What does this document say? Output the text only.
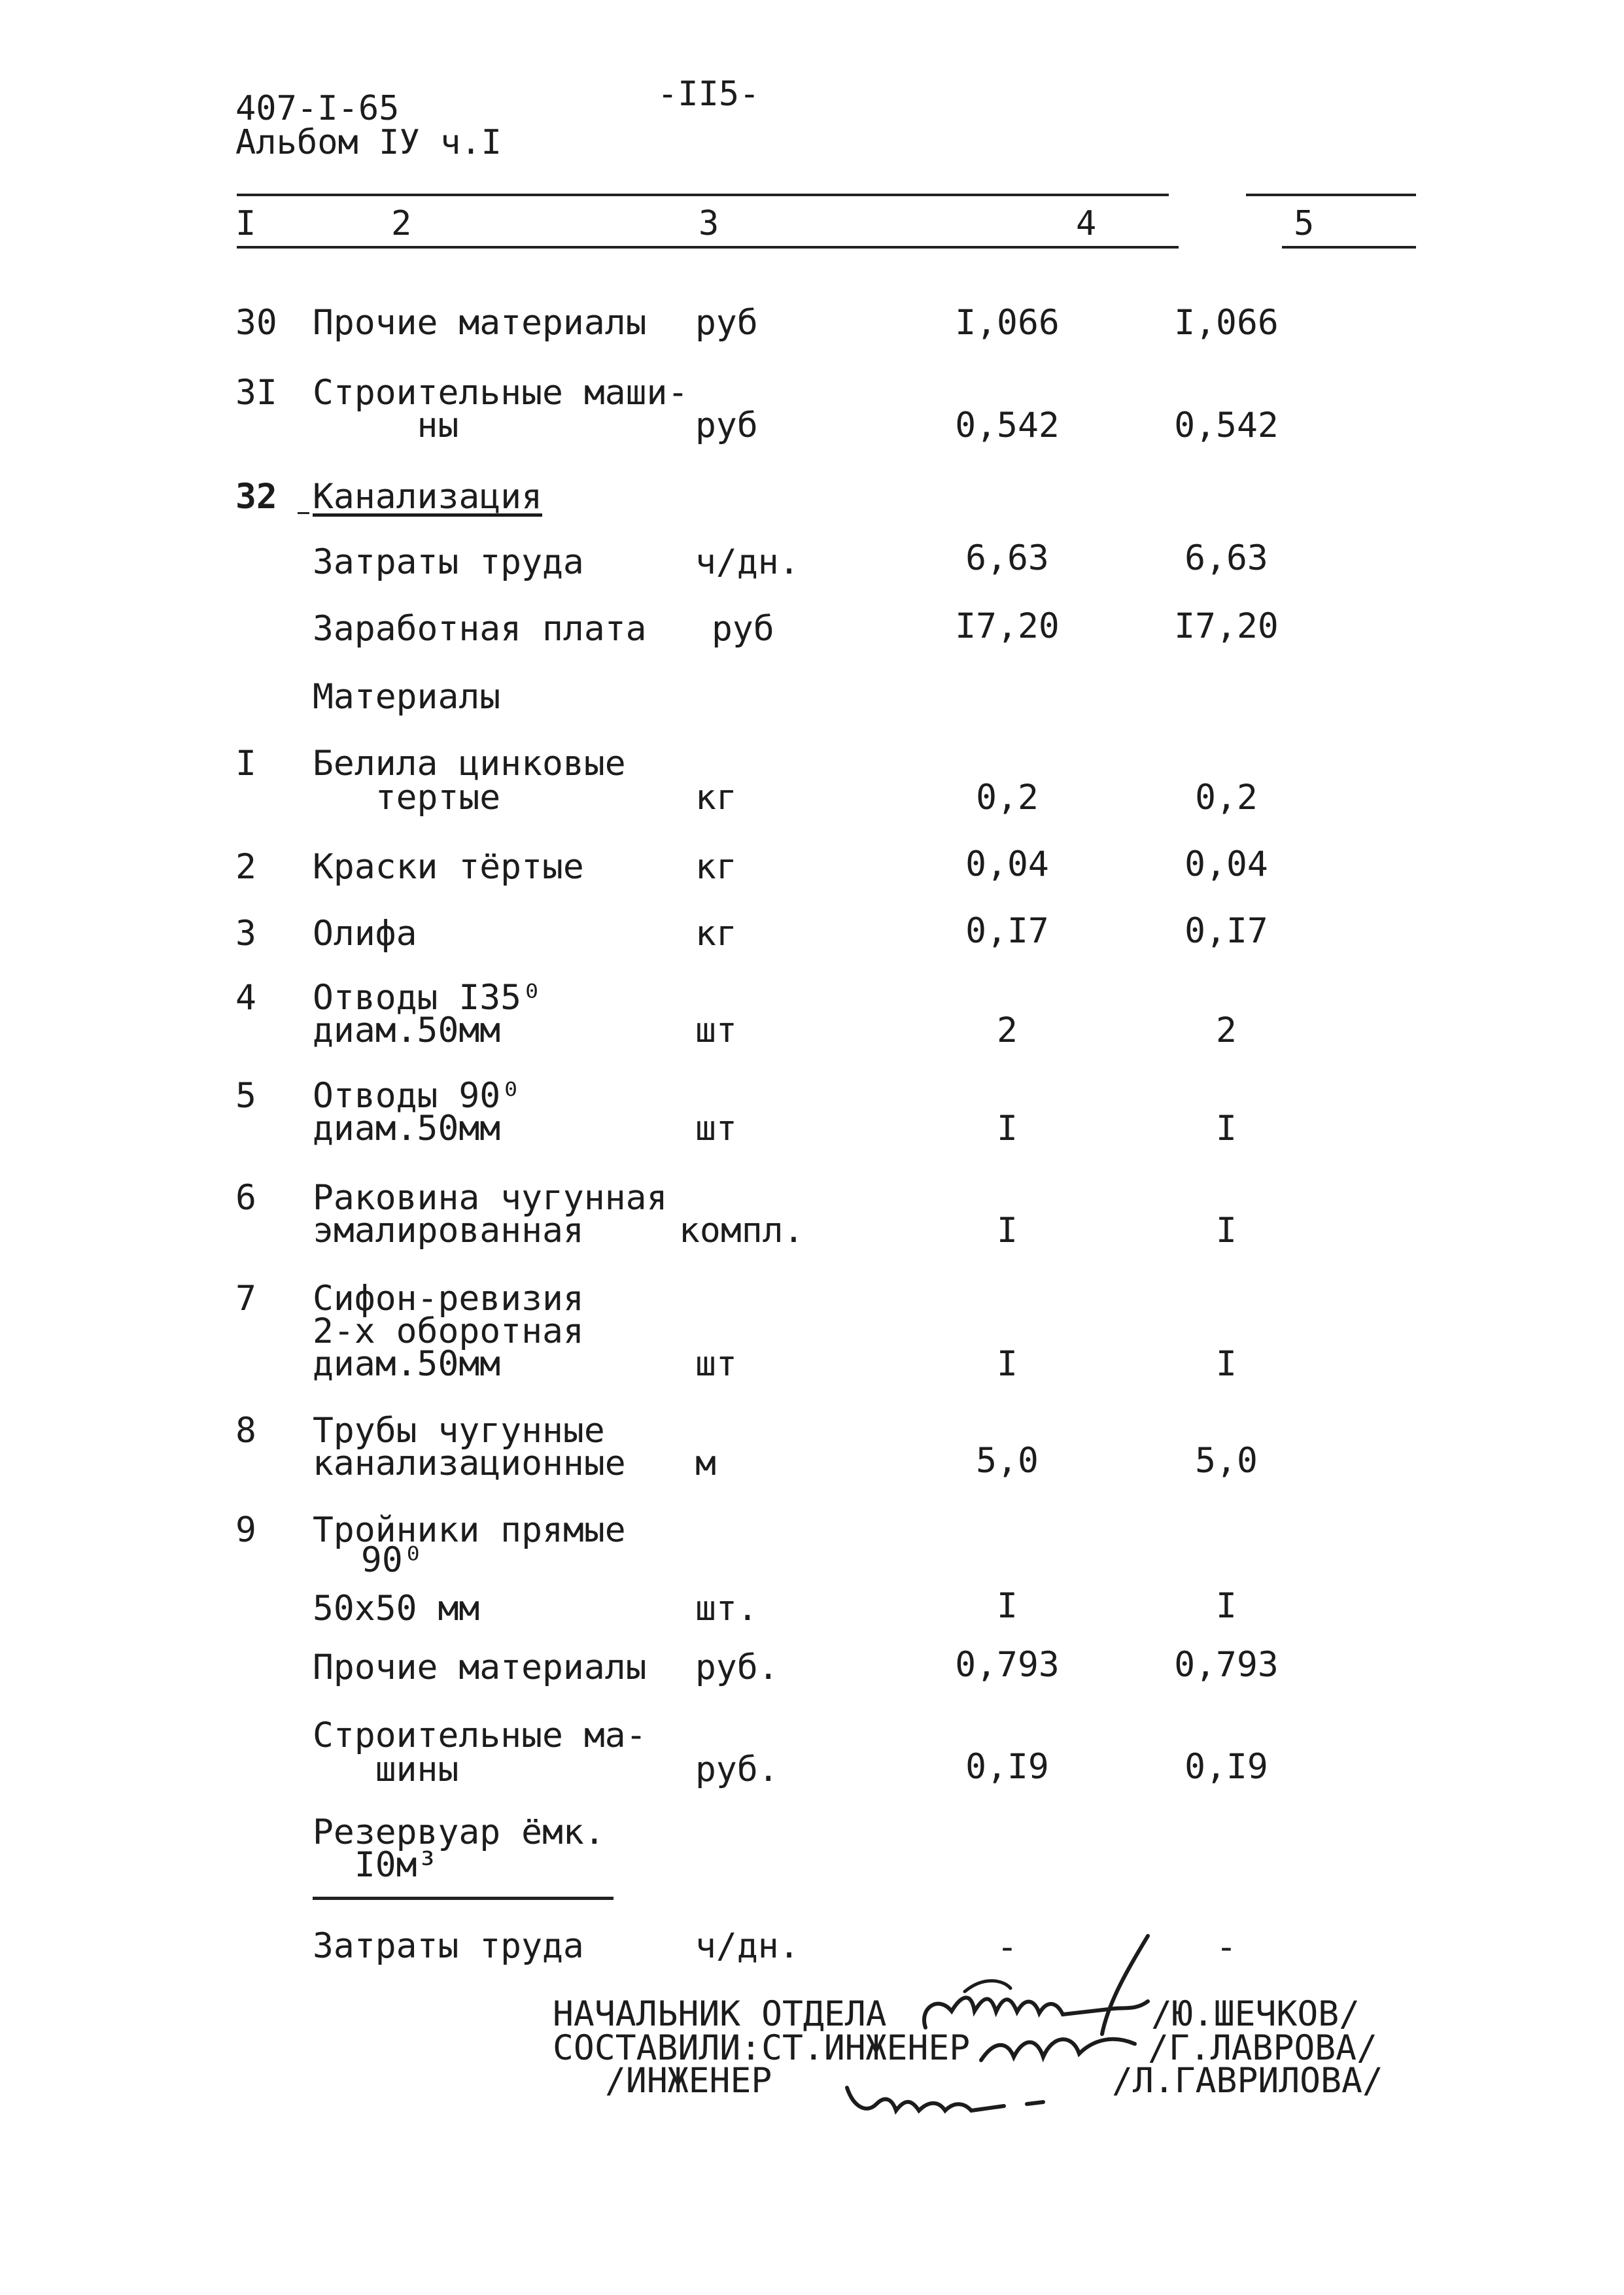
407-I-65
Альбом IУ ч.I
-II5-
I	2	3	4	5
30	Прочие материалы руб	I,066	I,066
3I	Строительные маши-
ны	руб	0,542	0,542
32	Канализация
Затраты труда	ч/дн.	6,63	6,63
Заработная плата руб	I7,20	I7,20
Материалы
I	Белила цинковые
тертые	кг	0,2	0,2
2	Краски тёртые	кг	0,04	0,04
3	Олифа	кг	0,I7	0,I7
4	Отводы I35⁰
диам.50мм	шт	2	2
5	Отводы 90⁰
диам.50мм	шт	I	I
6	Раковина чугунная
эмалированная	компл.	I	I
7	Сифон-ревизия
2-х оборотная
диам.50мм	шт	I	I
8	Трубы чугунные
канализационные м	5,0	5,0
9	Тройники прямые
90⁰
50х50 мм	шт.	I	I
Прочие материалы руб.	0,793	0,793
Строительные ма-
шины	руб.	0,I9	0,I9
Резервуар ёмк.
I0м³
Затраты труда	ч/дн.	-	-
НАЧАЛЬНИК ОТДЕЛА	/Ю.ШЕЧКОВ/
СОСТАВИЛИ:СТ.ИНЖЕНЕР	/Г.ЛАВРОВА/
/ИНЖЕНЕР	/Л.ГАВРИЛОВА/
